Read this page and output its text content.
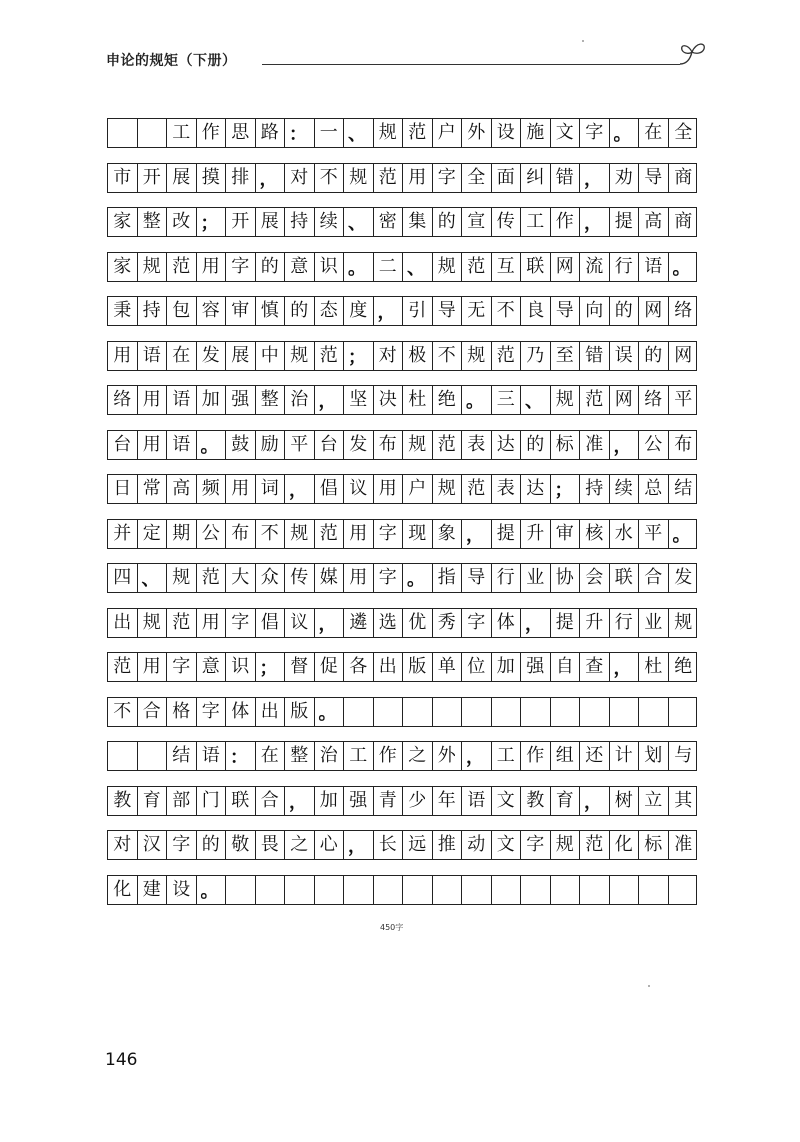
申论的规矩（下册）
工 作 思 路 ： 一 、 规 范 户 外 设 施 文 字 。 在 全
市 开 展 摸 排 ， 对 不 规 范 用 字 全 面 纠 错 ， 劝 导 商
家 整 改 ； 开 展 持 续 、 密 集 的 宣 传 工 作 ， 提 高 商
家 规 范 用 字 的 意 识 。 二 、 规 范 互 联 网 流 行 语 。
秉 持 包 容 审 慎 的 态 度 ， 引 导 无 不 良 导 向 的 网 络
用 语 在 发 展 中 规 范 ； 对 极 不 规 范 乃 至 错 误 的 网
络 用 语 加 强 整 治 ， 坚 决 杜 绝 。 三 、 规 范 网 络 平
台 用 语 。 鼓 励 平 台 发 布 规 范 表 达 的 标 准 ， 公 布
日 常 高 频 用 词 ， 倡 议 用 户 规 范 表 达 ； 持 续 总 结
并 定 期 公 布 不 规 范 用 字 现 象 ， 提 升 审 核 水 平 。
四 、 规 范 大 众 传 媒 用 字 。 指 导 行 业 协 会 联 合 发
出 规 范 用 字 倡 议 ， 遴 选 优 秀 字 体 ， 提 升 行 业 规
范 用 字 意 识 ； 督 促 各 出 版 单 位 加 强 自 查 ， 杜 绝
不 合 格 字 体 出 版 。
结 语 ： 在 整 治 工 作 之 外 ， 工 作 组 还 计 划 与
教 育 部 门 联 合 ， 加 强 青 少 年 语 文 教 育 ， 树 立 其
对 汉 字 的 敬 畏 之 心 ， 长 远 推 动 文 字 规 范 化 标 准
化 建 设 。
450字
146
